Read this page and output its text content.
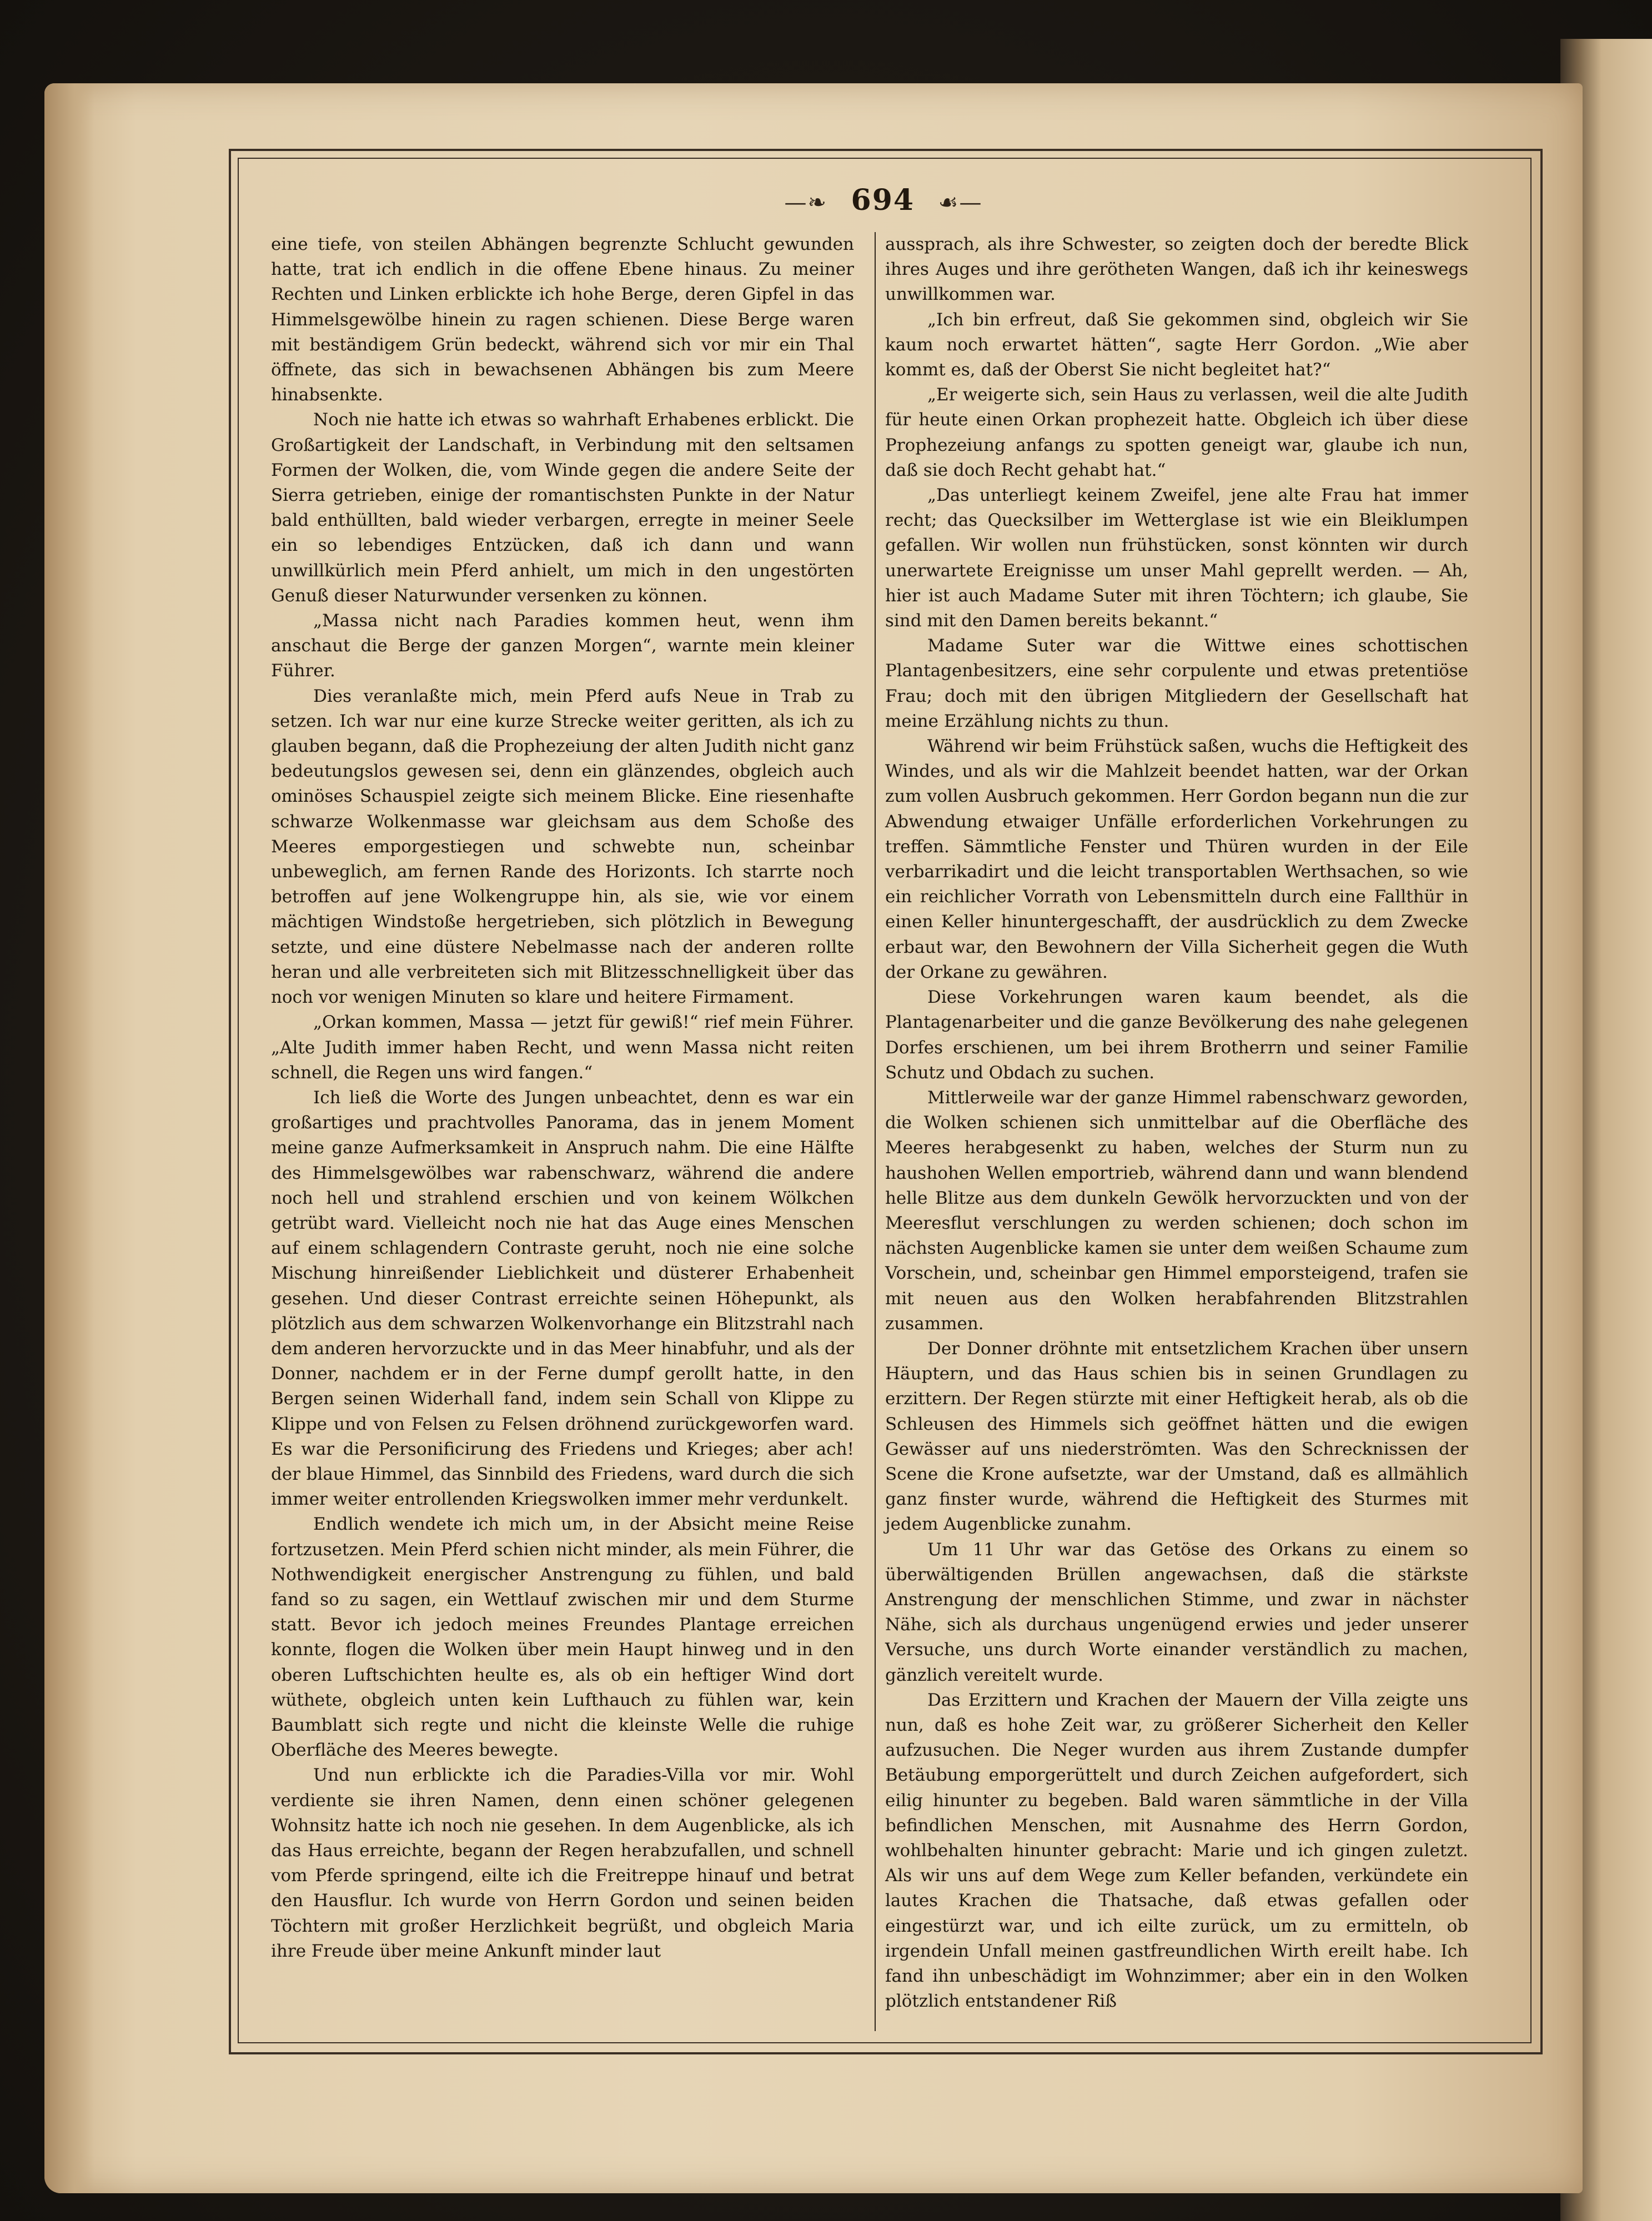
—❧ 694 ☙—

eine tiefe, von steilen Abhängen begrenzte Schlucht gewunden hatte, trat ich endlich in die offene Ebene hinaus. Zu meiner Rechten und Linken erblickte ich hohe Berge, deren Gipfel in das Himmelsgewölbe hinein zu ragen schienen. Diese Berge waren mit beständigem Grün bedeckt, während sich vor mir ein Thal öffnete, das sich in bewachsenen Abhängen bis zum Meere hinabsenkte.

Noch nie hatte ich etwas so wahrhaft Erhabenes erblickt. Die Großartigkeit der Landschaft, in Verbindung mit den seltsamen Formen der Wolken, die, vom Winde gegen die andere Seite der Sierra getrieben, einige der romantischsten Punkte in der Natur bald enthüllten, bald wieder verbargen, erregte in meiner Seele ein so lebendiges Entzücken, daß ich dann und wann unwillkürlich mein Pferd anhielt, um mich in den ungestörten Genuß dieser Naturwunder versenken zu können.

„Massa nicht nach Paradies kommen heut, wenn ihm anschaut die Berge der ganzen Morgen“, warnte mein kleiner Führer.

Dies veranlaßte mich, mein Pferd aufs Neue in Trab zu setzen. Ich war nur eine kurze Strecke weiter geritten, als ich zu glauben begann, daß die Prophezeiung der alten Judith nicht ganz bedeutungslos gewesen sei, denn ein glänzendes, obgleich auch ominöses Schauspiel zeigte sich meinem Blicke. Eine riesenhafte schwarze Wolkenmasse war gleichsam aus dem Schoße des Meeres emporgestiegen und schwebte nun, scheinbar unbeweglich, am fernen Rande des Horizonts. Ich starrte noch betroffen auf jene Wolkengruppe hin, als sie, wie vor einem mächtigen Windstoße hergetrieben, sich plötzlich in Bewegung setzte, und eine düstere Nebelmasse nach der anderen rollte heran und alle verbreiteten sich mit Blitzesschnelligkeit über das noch vor wenigen Minuten so klare und heitere Firmament.

„Orkan kommen, Massa — jetzt für gewiß!“ rief mein Führer. „Alte Judith immer haben Recht, und wenn Massa nicht reiten schnell, die Regen uns wird fangen.“

Ich ließ die Worte des Jungen unbeachtet, denn es war ein großartiges und prachtvolles Panorama, das in jenem Moment meine ganze Aufmerksamkeit in Anspruch nahm. Die eine Hälfte des Himmelsgewölbes war rabenschwarz, während die andere noch hell und strahlend erschien und von keinem Wölkchen getrübt ward. Vielleicht noch nie hat das Auge eines Menschen auf einem schlagendern Contraste geruht, noch nie eine solche Mischung hinreißender Lieblichkeit und düsterer Erhabenheit gesehen. Und dieser Contrast erreichte seinen Höhepunkt, als plötzlich aus dem schwarzen Wolkenvorhange ein Blitzstrahl nach dem anderen hervorzuckte und in das Meer hinabfuhr, und als der Donner, nachdem er in der Ferne dumpf gerollt hatte, in den Bergen seinen Widerhall fand, indem sein Schall von Klippe zu Klippe und von Felsen zu Felsen dröhnend zurückgeworfen ward. Es war die Personificirung des Friedens und Krieges; aber ach! der blaue Himmel, das Sinnbild des Friedens, ward durch die sich immer weiter entrollenden Kriegswolken immer mehr verdunkelt.

Endlich wendete ich mich um, in der Absicht meine Reise fortzusetzen. Mein Pferd schien nicht minder, als mein Führer, die Nothwendigkeit energischer Anstrengung zu fühlen, und bald fand so zu sagen, ein Wettlauf zwischen mir und dem Sturme statt. Bevor ich jedoch meines Freundes Plantage erreichen konnte, flogen die Wolken über mein Haupt hinweg und in den oberen Luftschichten heulte es, als ob ein heftiger Wind dort wüthete, obgleich unten kein Lufthauch zu fühlen war, kein Baumblatt sich regte und nicht die kleinste Welle die ruhige Oberfläche des Meeres bewegte.

Und nun erblickte ich die Paradies-Villa vor mir. Wohl verdiente sie ihren Namen, denn einen schöner gelegenen Wohnsitz hatte ich noch nie gesehen. In dem Augenblicke, als ich das Haus erreichte, begann der Regen herabzufallen, und schnell vom Pferde springend, eilte ich die Freitreppe hinauf und betrat den Hausflur. Ich wurde von Herrn Gordon und seinen beiden Töchtern mit großer Herzlichkeit begrüßt, und obgleich Maria ihre Freude über meine Ankunft minder laut

aussprach, als ihre Schwester, so zeigten doch der beredte Blick ihres Auges und ihre gerötheten Wangen, daß ich ihr keineswegs unwillkommen war.

„Ich bin erfreut, daß Sie gekommen sind, obgleich wir Sie kaum noch erwartet hätten“, sagte Herr Gordon. „Wie aber kommt es, daß der Oberst Sie nicht begleitet hat?“

„Er weigerte sich, sein Haus zu verlassen, weil die alte Judith für heute einen Orkan prophezeit hatte. Obgleich ich über diese Prophezeiung anfangs zu spotten geneigt war, glaube ich nun, daß sie doch Recht gehabt hat.“

„Das unterliegt keinem Zweifel, jene alte Frau hat immer recht; das Quecksilber im Wetterglase ist wie ein Bleiklumpen gefallen. Wir wollen nun frühstücken, sonst könnten wir durch unerwartete Ereignisse um unser Mahl geprellt werden. — Ah, hier ist auch Madame Suter mit ihren Töchtern; ich glaube, Sie sind mit den Damen bereits bekannt.“

Madame Suter war die Wittwe eines schottischen Plantagenbesitzers, eine sehr corpulente und etwas pretentiöse Frau; doch mit den übrigen Mitgliedern der Gesellschaft hat meine Erzählung nichts zu thun.

Während wir beim Frühstück saßen, wuchs die Heftigkeit des Windes, und als wir die Mahlzeit beendet hatten, war der Orkan zum vollen Ausbruch gekommen. Herr Gordon begann nun die zur Abwendung etwaiger Unfälle erforderlichen Vorkehrungen zu treffen. Sämmtliche Fenster und Thüren wurden in der Eile verbarrikadirt und die leicht transportablen Werthsachen, so wie ein reichlicher Vorrath von Lebensmitteln durch eine Fallthür in einen Keller hinuntergeschafft, der ausdrücklich zu dem Zwecke erbaut war, den Bewohnern der Villa Sicherheit gegen die Wuth der Orkane zu gewähren.

Diese Vorkehrungen waren kaum beendet, als die Plantagenarbeiter und die ganze Bevölkerung des nahe gelegenen Dorfes erschienen, um bei ihrem Brotherrn und seiner Familie Schutz und Obdach zu suchen.

Mittlerweile war der ganze Himmel rabenschwarz geworden, die Wolken schienen sich unmittelbar auf die Oberfläche des Meeres herabgesenkt zu haben, welches der Sturm nun zu haushohen Wellen emportrieb, während dann und wann blendend helle Blitze aus dem dunkeln Gewölk hervorzuckten und von der Meeresflut verschlungen zu werden schienen; doch schon im nächsten Augenblicke kamen sie unter dem weißen Schaume zum Vorschein, und, scheinbar gen Himmel emporsteigend, trafen sie mit neuen aus den Wolken herabfahrenden Blitzstrahlen zusammen.

Der Donner dröhnte mit entsetzlichem Krachen über unsern Häuptern, und das Haus schien bis in seinen Grundlagen zu erzittern. Der Regen stürzte mit einer Heftigkeit herab, als ob die Schleusen des Himmels sich geöffnet hätten und die ewigen Gewässer auf uns niederströmten. Was den Schrecknissen der Scene die Krone aufsetzte, war der Umstand, daß es allmählich ganz finster wurde, während die Heftigkeit des Sturmes mit jedem Augenblicke zunahm.

Um 11 Uhr war das Getöse des Orkans zu einem so überwältigenden Brüllen angewachsen, daß die stärkste Anstrengung der menschlichen Stimme, und zwar in nächster Nähe, sich als durchaus ungenügend erwies und jeder unserer Versuche, uns durch Worte einander verständlich zu machen, gänzlich vereitelt wurde.

Das Erzittern und Krachen der Mauern der Villa zeigte uns nun, daß es hohe Zeit war, zu größerer Sicherheit den Keller aufzusuchen. Die Neger wurden aus ihrem Zustande dumpfer Betäubung emporgerüttelt und durch Zeichen aufgefordert, sich eilig hinunter zu begeben. Bald waren sämmtliche in der Villa befindlichen Menschen, mit Ausnahme des Herrn Gordon, wohlbehalten hinunter gebracht: Marie und ich gingen zuletzt. Als wir uns auf dem Wege zum Keller befanden, verkündete ein lautes Krachen die Thatsache, daß etwas gefallen oder eingestürzt war, und ich eilte zurück, um zu ermitteln, ob irgendein Unfall meinen gastfreundlichen Wirth ereilt habe. Ich fand ihn unbeschädigt im Wohnzimmer; aber ein in den Wolken plötzlich entstandener Riß
